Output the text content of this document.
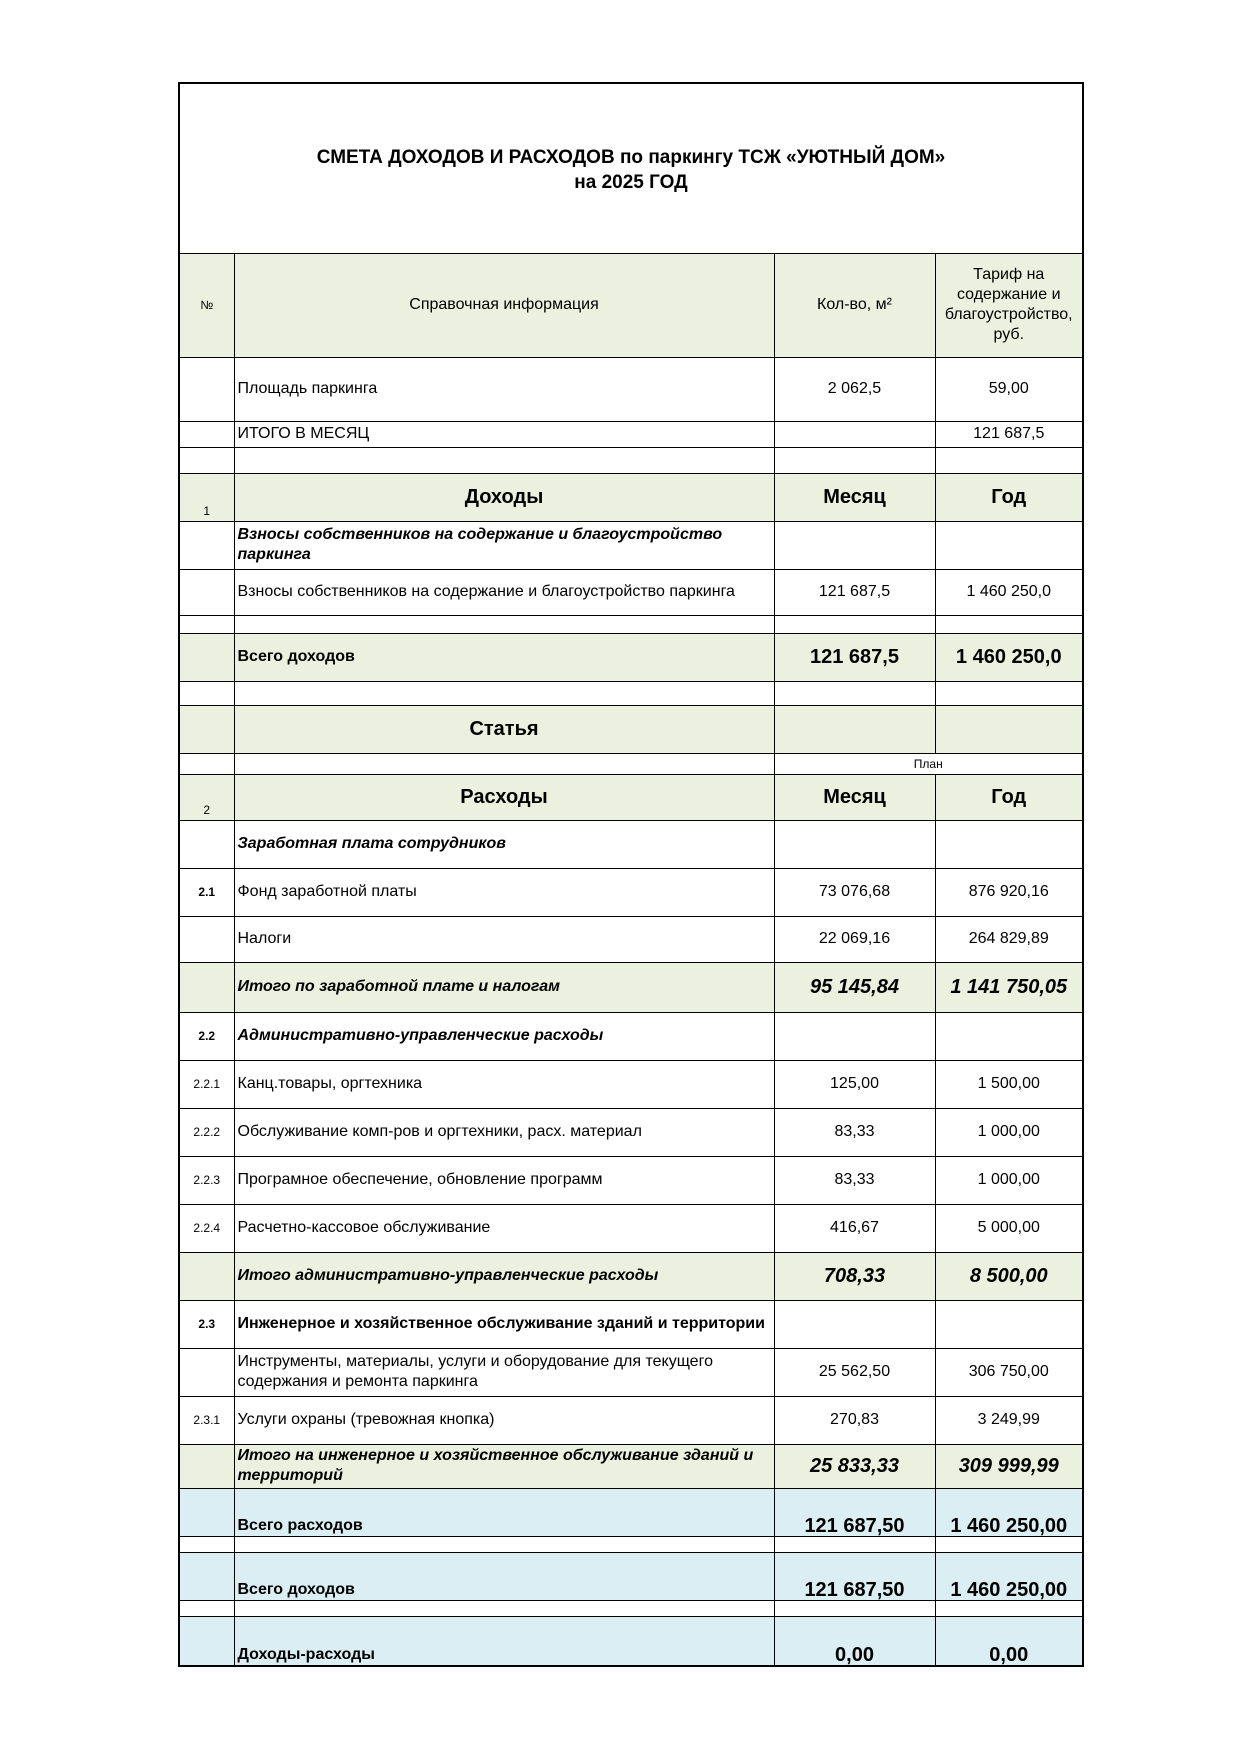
СМЕТА ДОХОДОВ И РАСХОДОВ по паркингу ТСЖ «УЮТНЫЙ ДОМ»
на 2025 ГОД			

№	Справочная информация	Кол-во, м²	Тариф на содержание и благоустройство, руб.
	Площадь паркинга	2 062,5	59,00
	ИТОГО В МЕСЯЦ		121 687,5

1	Доходы	Месяц	Год
	Взносы собственников на содержание и благоустройство паркинга		
	Взносы собственников на содержание и благоустройство паркинга	121 687,5	1 460 250,0

	Всего доходов	121 687,5	1 460 250,0

	Статья		
		План	
2	Расходы	Месяц	Год
	Заработная плата сотрудников		
2.1	Фонд заработной платы	73 076,68	876 920,16
	Налоги	22 069,16	264 829,89
	Итого по заработной плате и налогам	95 145,84	1 141 750,05
2.2	Административно-управленческие расходы		
2.2.1	Канц.товары, оргтехника	125,00	1 500,00
2.2.2	Обслуживание комп-ров и оргтехники, расх. материал	83,33	1 000,00
2.2.3	Програмное обеспечение, обновление программ	83,33	1 000,00
2.2.4	Расчетно-кассовое обслуживание	416,67	5 000,00
	Итого административно-управленческие расходы	708,33	8 500,00
2.3	Инженерное и хозяйственное обслуживание зданий и территории		
	Инструменты, материалы, услуги и оборудование для текущего содержания и ремонта паркинга	25 562,50	306 750,00
2.3.1	Услуги охраны (тревожная кнопка)	270,83	3 249,99
	Итого на инженерное и хозяйственное обслуживание зданий и территорий	25 833,33	309 999,99
	Всего расходов	121 687,50	1 460 250,00

	Всего доходов	121 687,50	1 460 250,00

	Доходы-расходы	0,00	0,00
